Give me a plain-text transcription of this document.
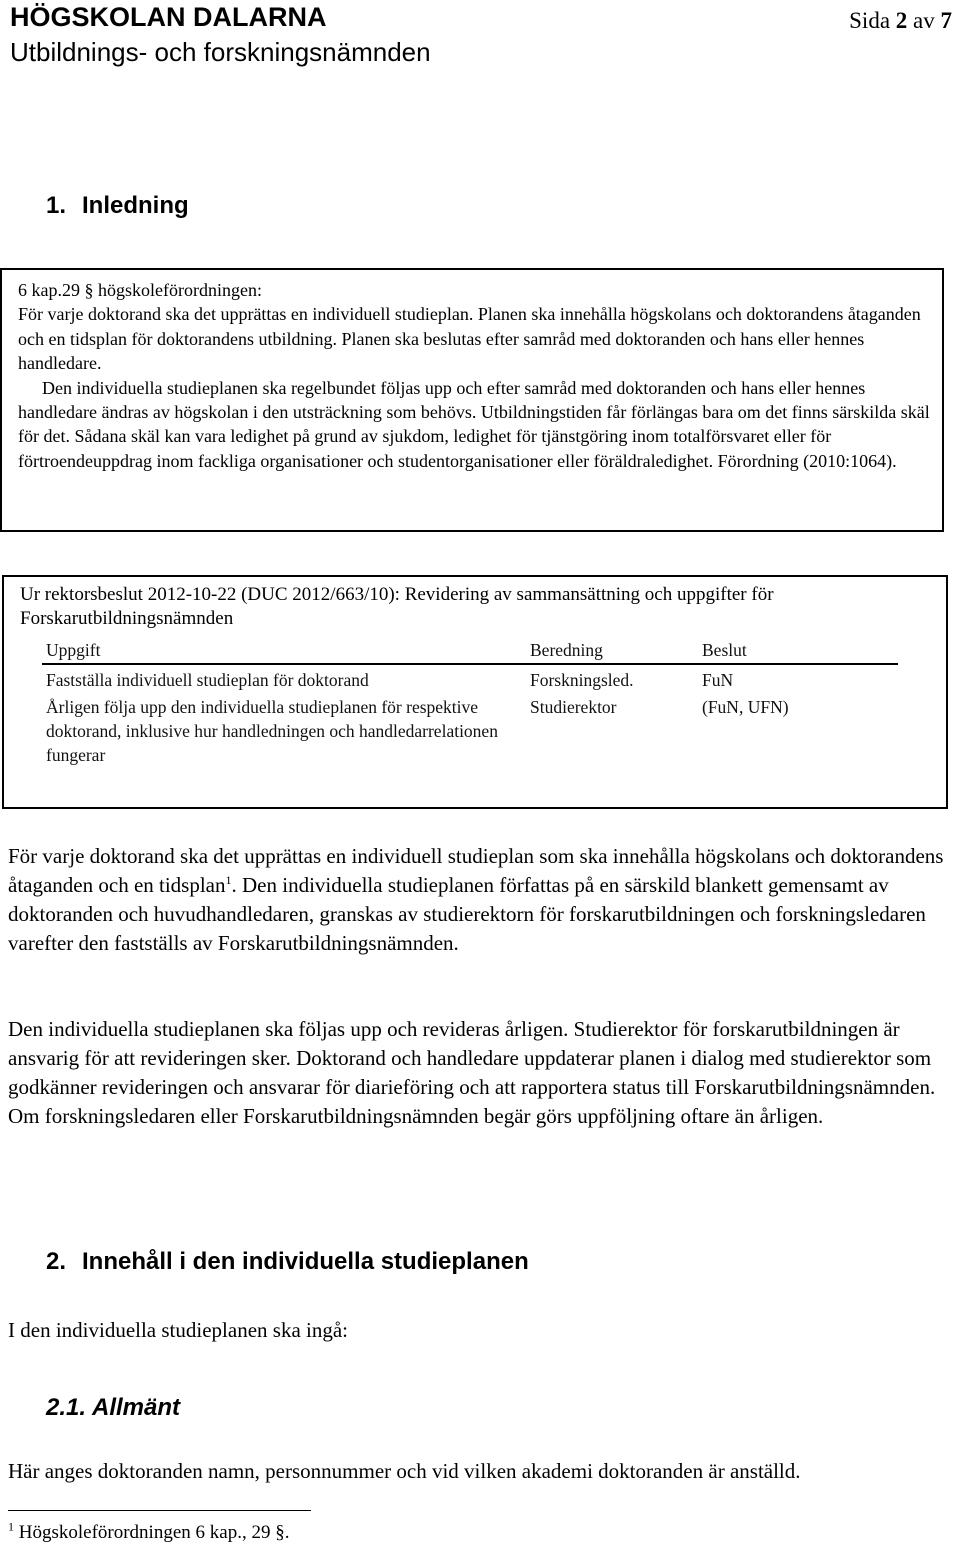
HÖGSKOLAN DALARNA
Utbildnings- och forskningsnämnden
Sida 2 av 7
1. Inledning

6 kap.29 § högskoleförordningen:

För varje doktorand ska det upprättas en individuell studieplan. Planen ska innehålla högskolans och doktorandens åtaganden och en tidsplan för doktorandens utbildning. Planen ska beslutas efter samråd med doktoranden och hans eller hennes handledare.

Den individuella studieplanen ska regelbundet följas upp och efter samråd med doktoranden och hans eller hennes handledare ändras av högskolan i den utsträckning som behövs. Utbildningstiden får förlängas bara om det finns särskilda skäl för det. Sådana skäl kan vara ledighet på grund av sjukdom, ledighet för tjänstgöring inom totalförsvaret eller för förtroendeuppdrag inom fackliga organisationer och studentorganisationer eller föräldraledighet. Förordning (2010:1064).

Ur rektorsbeslut 2012-10-22 (DUC 2012/663/10): Revidering av sammansättning och uppgifter för Forskarutbildningsnämnden

Uppgift	Beredning	Beslut
Fastställa individuell studieplan för doktorand	Forskningsled.	FuN
Årligen följa upp den individuella studieplanen för respektive doktorand, inklusive hur handledningen och handledarrelationen fungerar	Studierektor	(FuN, UFN)

För varje doktorand ska det upprättas en individuell studieplan som ska innehålla högskolans och doktorandens åtaganden och en tidsplan$^1$. Den individuella studieplanen författas på en särskild blankett gemensamt av doktoranden och huvudhandledaren, granskas av studierektorn för forskarutbildningen och forskningsledaren varefter den fastställs av Forskarutbildningsnämnden.

Den individuella studieplanen ska följas upp och revideras årligen. Studierektor för forskarutbildningen är ansvarig för att revideringen sker. Doktorand och handledare uppdaterar planen i dialog med studierektor som godkänner revideringen och ansvarar för diarieföring och att rapportera status till Forskarutbildningsnämnden. Om forskningsledaren eller Forskarutbildningsnämnden begär görs uppföljning oftare än årligen.

2. Innehåll i den individuella studieplanen

I den individuella studieplanen ska ingå:

2.1. Allmänt

Här anges doktoranden namn, personnummer och vid vilken akademi doktoranden är anställd.

$^1$ Högskoleförordningen 6 kap., 29 §.
